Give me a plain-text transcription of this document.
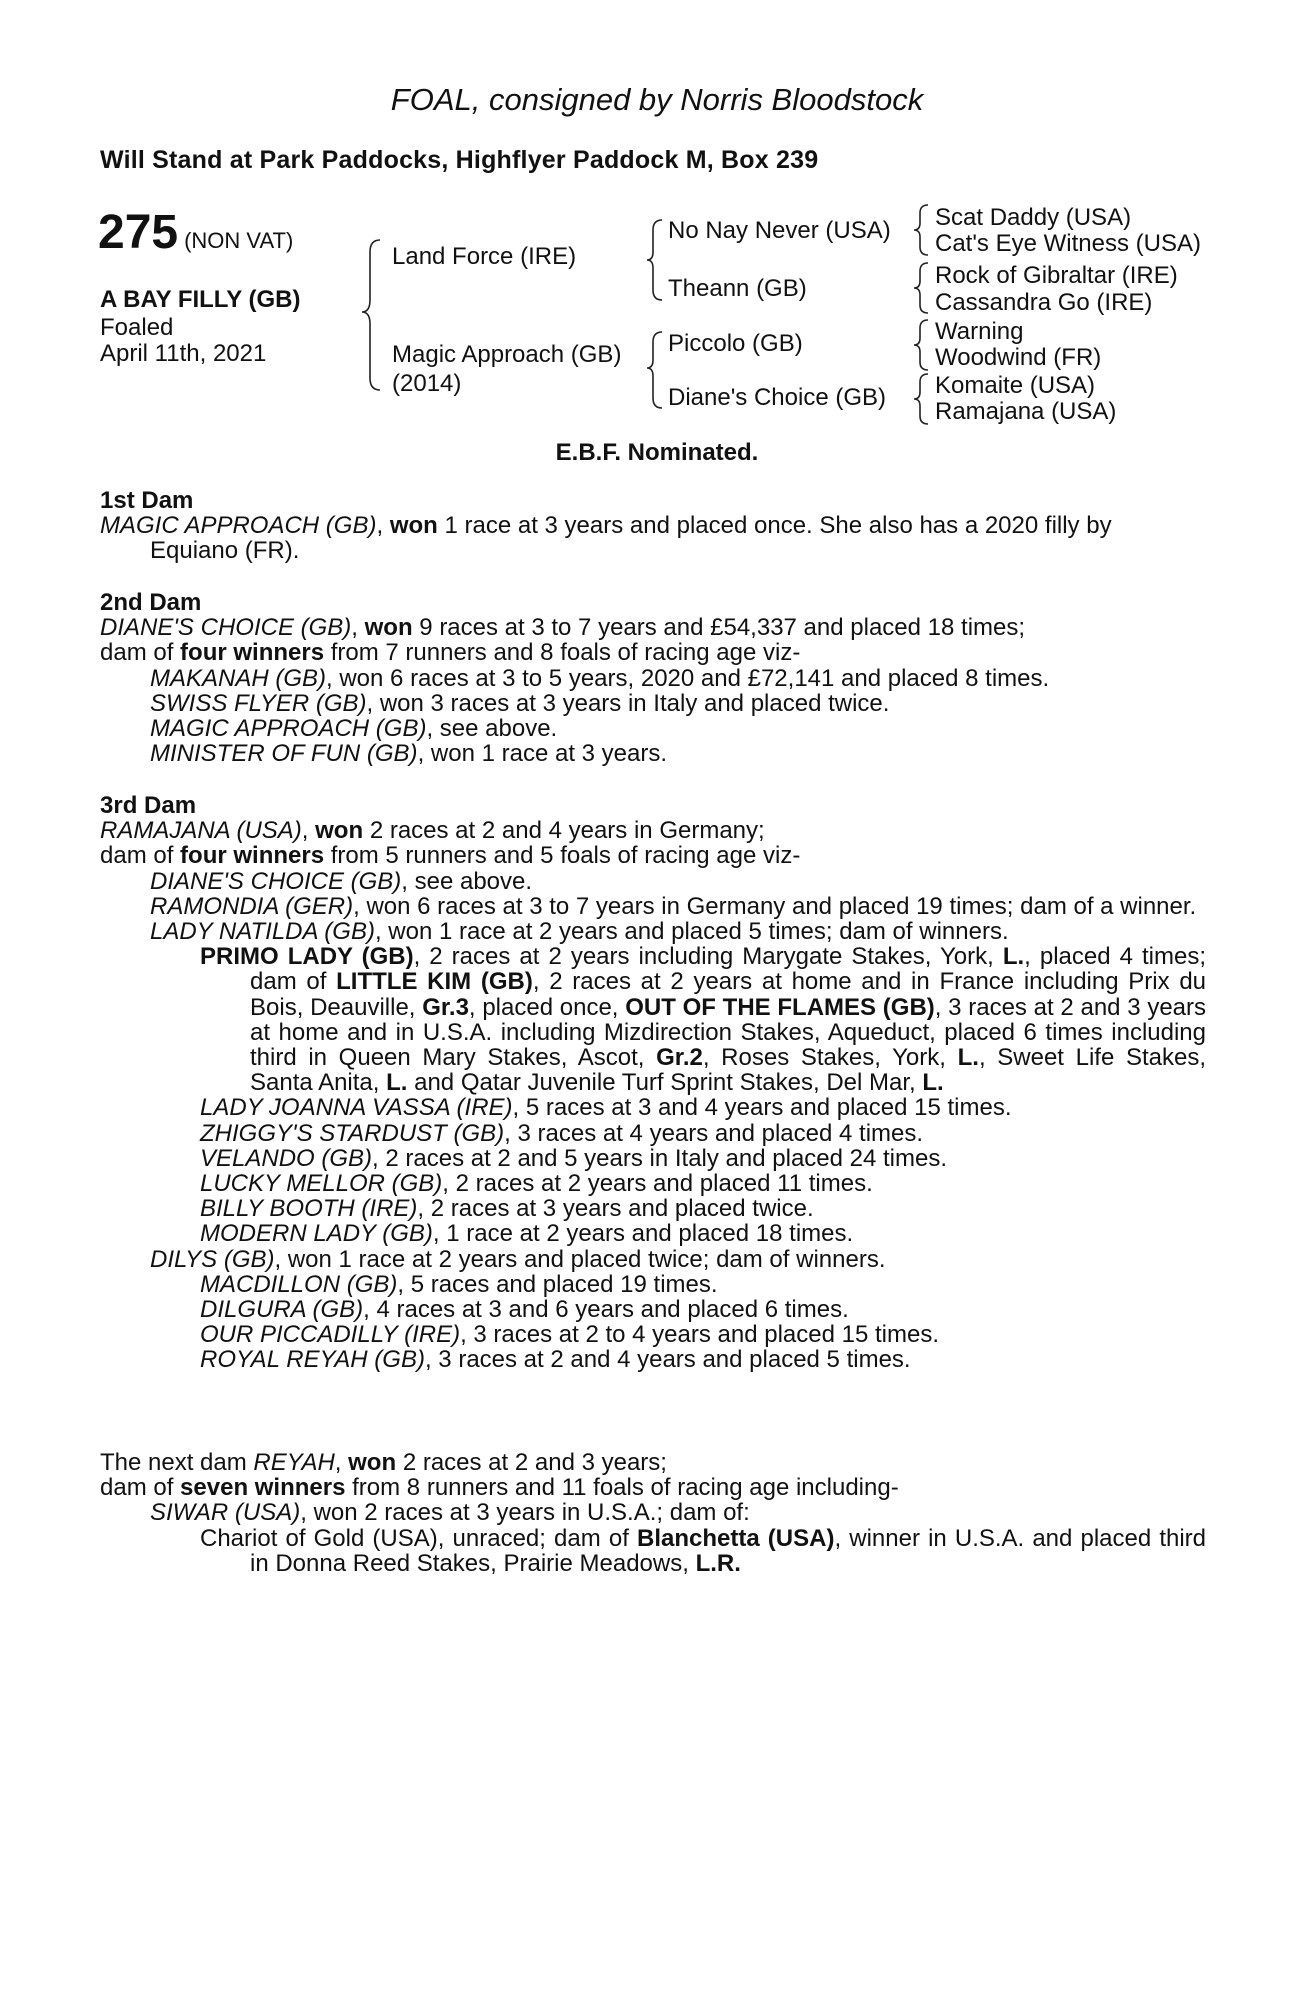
FOAL, consigned by Norris Bloodstock
Will Stand at Park Paddocks, Highflyer Paddock M, Box 239
275 (NON VAT)
A BAY FILLY (GB)
Foaled
April 11th, 2021
Land Force (IRE)
Magic Approach (GB)
(2014)
No Nay Never (USA)
Theann (GB)
Piccolo (GB)
Diane's Choice (GB)
Scat Daddy (USA)
Cat's Eye Witness (USA)
Rock of Gibraltar (IRE)
Cassandra Go (IRE)
Warning
Woodwind (FR)
Komaite (USA)
Ramajana (USA)
E.B.F. Nominated.
1st Dam
MAGIC APPROACH (GB), won 1 race at 3 years and placed once. She also has a 2020 filly by Equiano (FR).
2nd Dam
DIANE'S CHOICE (GB), won 9 races at 3 to 7 years and £54,337 and placed 18 times;
dam of four winners from 7 runners and 8 foals of racing age viz-
MAKANAH (GB), won 6 races at 3 to 5 years, 2020 and £72,141 and placed 8 times.
SWISS FLYER (GB), won 3 races at 3 years in Italy and placed twice.
MAGIC APPROACH (GB), see above.
MINISTER OF FUN (GB), won 1 race at 3 years.
3rd Dam
RAMAJANA (USA), won 2 races at 2 and 4 years in Germany;
dam of four winners from 5 runners and 5 foals of racing age viz-
DIANE'S CHOICE (GB), see above.
RAMONDIA (GER), won 6 races at 3 to 7 years in Germany and placed 19 times; dam of a winner.
LADY NATILDA (GB), won 1 race at 2 years and placed 5 times; dam of winners.
PRIMO LADY (GB), 2 races at 2 years including Marygate Stakes, York, L., placed 4 times; dam of LITTLE KIM (GB), 2 races at 2 years at home and in France including Prix du Bois, Deauville, Gr.3, placed once, OUT OF THE FLAMES (GB), 3 races at 2 and 3 years at home and in U.S.A. including Mizdirection Stakes, Aqueduct, placed 6 times including third in Queen Mary Stakes, Ascot, Gr.2, Roses Stakes, York, L., Sweet Life Stakes, Santa Anita, L. and Qatar Juvenile Turf Sprint Stakes, Del Mar, L.
LADY JOANNA VASSA (IRE), 5 races at 3 and 4 years and placed 15 times.
ZHIGGY'S STARDUST (GB), 3 races at 4 years and placed 4 times.
VELANDO (GB), 2 races at 2 and 5 years in Italy and placed 24 times.
LUCKY MELLOR (GB), 2 races at 2 years and placed 11 times.
BILLY BOOTH (IRE), 2 races at 3 years and placed twice.
MODERN LADY (GB), 1 race at 2 years and placed 18 times.
DILYS (GB), won 1 race at 2 years and placed twice; dam of winners.
MACDILLON (GB), 5 races and placed 19 times.
DILGURA (GB), 4 races at 3 and 6 years and placed 6 times.
OUR PICCADILLY (IRE), 3 races at 2 to 4 years and placed 15 times.
ROYAL REYAH (GB), 3 races at 2 and 4 years and placed 5 times.
The next dam REYAH, won 2 races at 2 and 3 years;
dam of seven winners from 8 runners and 11 foals of racing age including-
SIWAR (USA), won 2 races at 3 years in U.S.A.; dam of:
Chariot of Gold (USA), unraced; dam of Blanchetta (USA), winner in U.S.A. and placed third in Donna Reed Stakes, Prairie Meadows, L.R.
